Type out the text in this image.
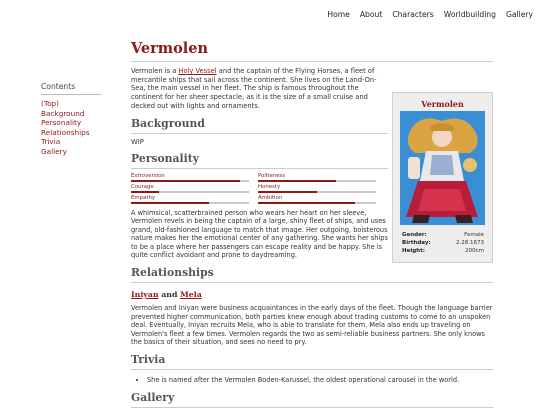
Home About Characters Worldbuilding Gallery
Contents
(Top)
Background
Personality
Relationships
Trivia
Gallery
Vermolen
Vermolen is a Holy Vessel and the captain of the Flying Horses, a fleet of mercantile ships that sail across the continent. She lives on the Land-On-Sea, the main vessel in her fleet. The ship is famous throughout the continent for her sheer spectacle, as it is the size of a small cruise and decked out with lights and ornaments.
Background
WIP
Personality
Extroversion	Politeness
Courage	Honesty
Empathy	Ambition
A whimsical, scatterbrained person who wears her heart on her sleeve, Vermolen revels in being the captain of a large, shiny fleet of ships, and uses grand, old-fashioned language to match that image. Her outgoing, boisterous nature makes her the emotional center of any gathering. She wants her ships to be a place where her passengers can escape reality and be happy. She is quite conflict avoidant and prone to daydreaming.
Relationships
Iniyan and Mela
Vermolen and Iniyan were business acquaintances in the early days of the fleet. Though the language barrier prevented higher communication, both parties knew enough about trading customs to come to an unspoken deal. Eventually, Iniyan recruits Mela, who is able to translate for them. Mela also ends up traveling on Vermolen's fleet a few times. Vermolen regards the two as semi-reliable business partners. She only knows the basics of their situation, and sees no need to pry.
Trivia
• She is named after the Vermolen Boden-Karussel, the oldest operational carousel in the world.
Gallery
Vermolen
Gender:	Female
Birthday:	2.28.1673
Height:	200cm
